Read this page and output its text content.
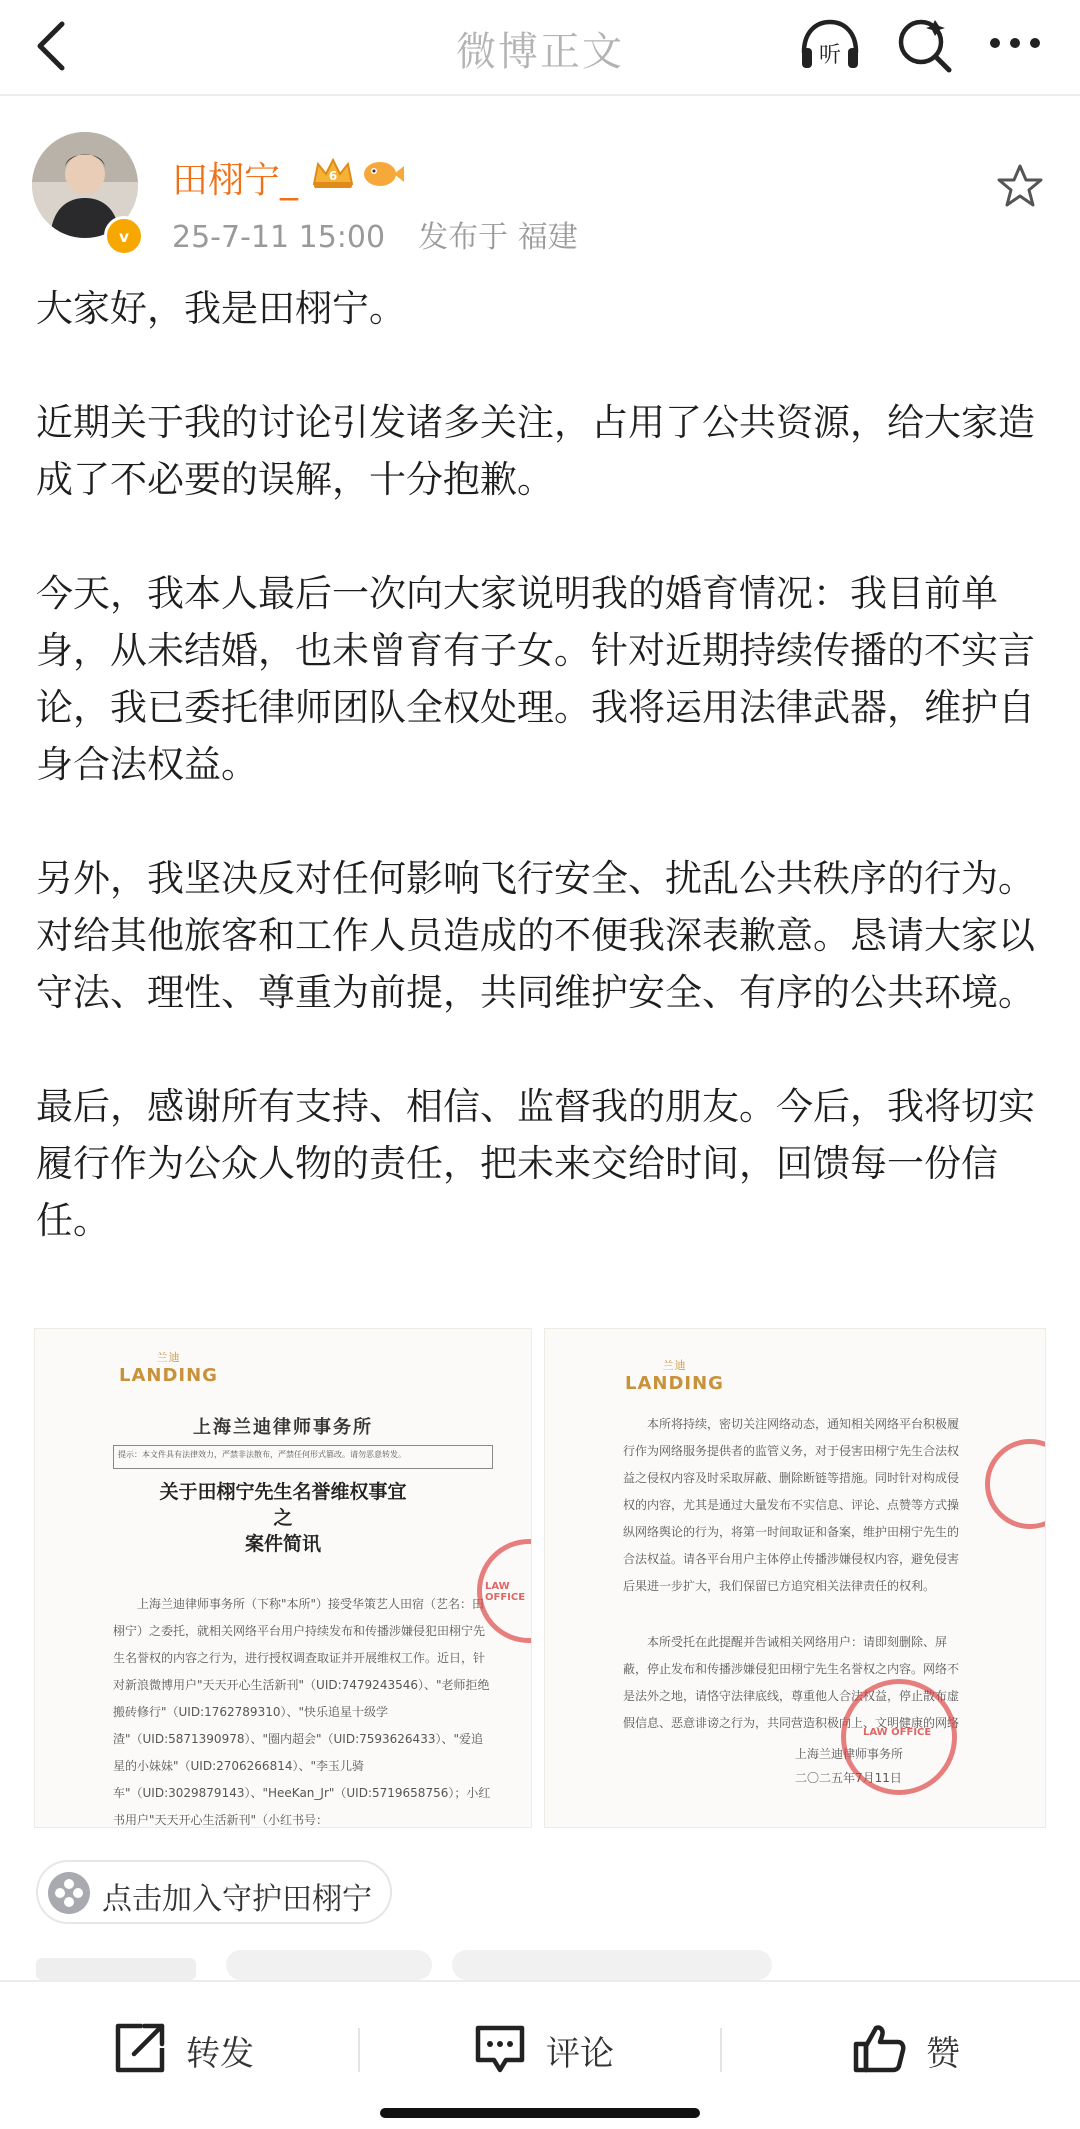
微博正文	听
v
田栩宁_	6
25-7-11 15:00 发布于 福建

大家好，我是田栩宁。

近期关于我的讨论引发诸多关注，占用了公共资源，给大家造成了不必要的误解，十分抱歉。

今天，我本人最后一次向大家说明我的婚育情况：我目前单身，从未结婚，也未曾育有子女。针对近期持续传播的不实言论，我已委托律师团队全权处理。我将运用法律武器，维护自身合法权益。

另外，我坚决反对任何影响飞行安全、扰乱公共秩序的行为。对给其他旅客和工作人员造成的不便我深表歉意。恳请大家以守法、理性、尊重为前提，共同维护安全、有序的公共环境。

最后，感谢所有支持、相信、监督我的朋友。今后，我将切实履行作为公众人物的责任，把未来交给时间，回馈每一份信任。

兰迪
LANDING
上海兰迪律师事务所
提示：本文件具有法律效力，严禁非法散布，严禁任何形式篡改。请勿恶意转发。
关于田栩宁先生名誉维权事宜
之
案件简讯
上海兰迪律师事务所（下称"本所"）接受华策艺人田宿（艺名：田栩宁）之委托，就相关网络平台用户持续发布和传播涉嫌侵犯田栩宁先生名誉权的内容之行为，进行授权调查取证并开展维权工作。近日，针对新浪微博用户"天天开心生活新刊"（UID:7479243546）、"老师拒绝搬砖修行"（UID:1762789310）、"快乐追星十级学渣"（UID:5871390978）、"圈内超会"（UID:7593626433）、"爱追星的小妹妹"（UID:2706266814）、"李玉儿骑车"（UID:3029879143）、"HeeKan_Jr"（UID:5719658756）；小红书用户"天天开心生活新刊"（小红书号：
LAW OFFICE
兰迪
LANDING
本所将持续，密切关注网络动态，通知相关网络平台积极履行作为网络服务提供者的监管义务，对于侵害田栩宁先生合法权益之侵权内容及时采取屏蔽、删除断链等措施。同时针对构成侵权的内容，尤其是通过大量发布不实信息、评论、点赞等方式操纵网络舆论的行为，将第一时间取证和备案，维护田栩宁先生的合法权益。请各平台用户主体停止传播涉嫌侵权内容，避免侵害后果进一步扩大，我们保留已方追究相关法律责任的权利。
本所受托在此提醒并告诫相关网络用户：请即刻删除、屏蔽，停止发布和传播涉嫌侵犯田栩宁先生名誉权之内容。网络不是法外之地，请恪守法律底线，尊重他人合法权益，停止散布虚假信息、恶意诽谤之行为，共同营造积极向上、文明健康的网络
上海兰迪律师事务所
二〇二五年7月11日
LAW OFFICE
点击加入守护田栩宁
转发	评论	赞
